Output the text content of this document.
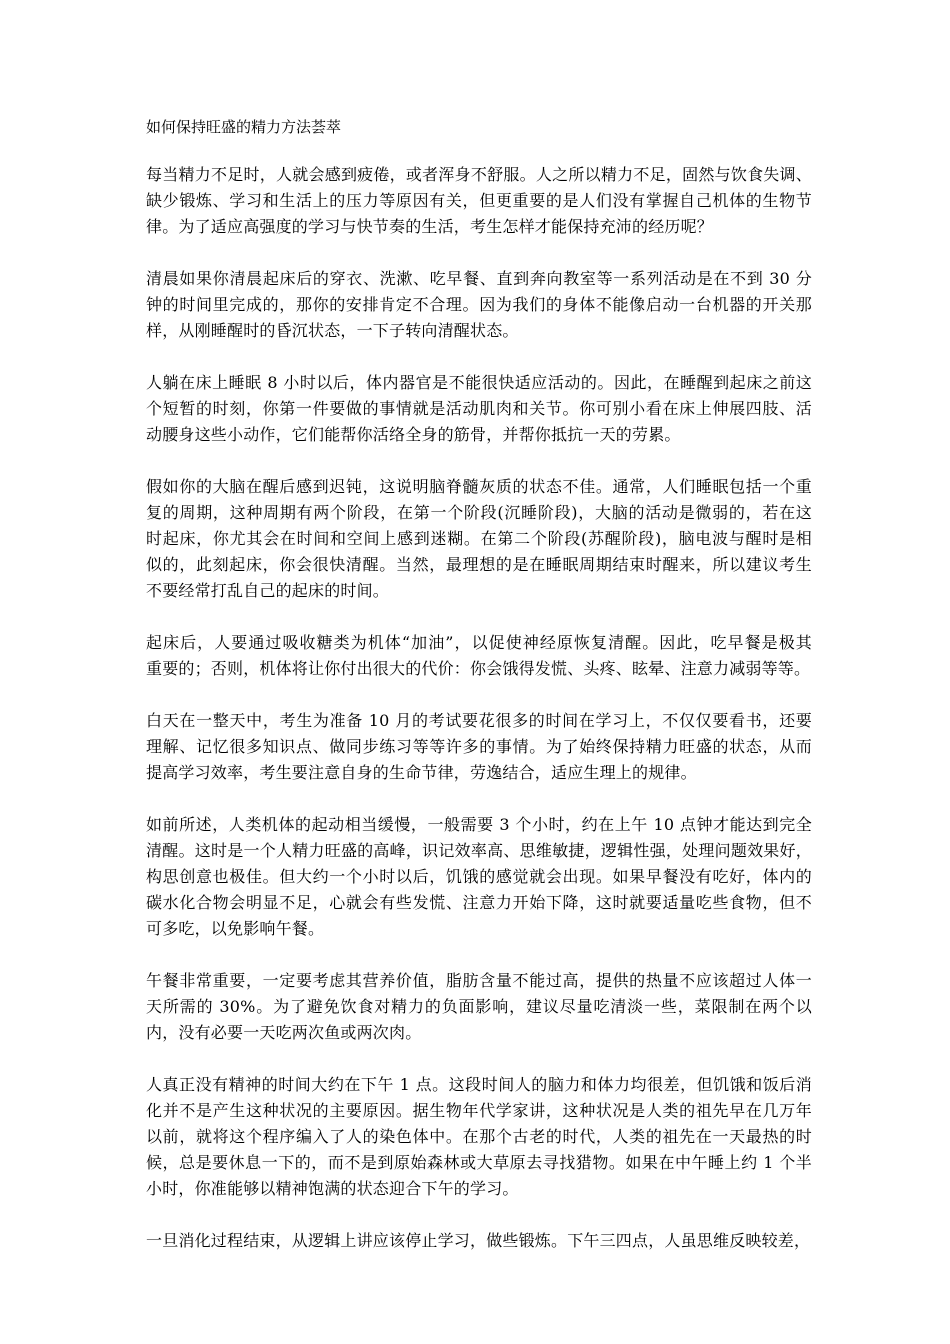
如何保持旺盛的精力方法荟萃
每当精力不足时，人就会感到疲倦，或者浑身不舒服。人之所以精力不足，固然与饮食失调、
缺少锻炼、学习和生活上的压力等原因有关，但更重要的是人们没有掌握自己机体的生物节
律。为了适应高强度的学习与快节奏的生活，考生怎样才能保持充沛的经历呢？
清晨如果你清晨起床后的穿衣、洗漱、吃早餐、直到奔向教室等一系列活动是在不到 30 分
钟的时间里完成的，那你的安排肯定不合理。因为我们的身体不能像启动一台机器的开关那
样，从刚睡醒时的昏沉状态，一下子转向清醒状态。
人躺在床上睡眠 8 小时以后，体内器官是不能很快适应活动的。因此，在睡醒到起床之前这
个短暂的时刻，你第一件要做的事情就是活动肌肉和关节。你可别小看在床上伸展四肢、活
动腰身这些小动作，它们能帮你活络全身的筋骨，并帮你抵抗一天的劳累。
假如你的大脑在醒后感到迟钝，这说明脑脊髓灰质的状态不佳。通常，人们睡眠包括一个重
复的周期，这种周期有两个阶段，在第一个阶段(沉睡阶段)，大脑的活动是微弱的，若在这
时起床，你尤其会在时间和空间上感到迷糊。在第二个阶段(苏醒阶段)，脑电波与醒时是相
似的，此刻起床，你会很快清醒。当然，最理想的是在睡眠周期结束时醒来，所以建议考生
不要经常打乱自己的起床的时间。
起床后，人要通过吸收糖类为机体“加油”，以促使神经原恢复清醒。因此，吃早餐是极其
重要的；否则，机体将让你付出很大的代价：你会饿得发慌、头疼、眩晕、注意力减弱等等。
白天在一整天中，考生为准备 10 月的考试要花很多的时间在学习上，不仅仅要看书，还要
理解、记忆很多知识点、做同步练习等等许多的事情。为了始终保持精力旺盛的状态，从而
提高学习效率，考生要注意自身的生命节律，劳逸结合，适应生理上的规律。
如前所述，人类机体的起动相当缓慢，一般需要 3 个小时，约在上午 10 点钟才能达到完全
清醒。这时是一个人精力旺盛的高峰，识记效率高、思维敏捷，逻辑性强，处理问题效果好，
构思创意也极佳。但大约一个小时以后，饥饿的感觉就会出现。如果早餐没有吃好，体内的
碳水化合物会明显不足，心就会有些发慌、注意力开始下降，这时就要适量吃些食物，但不
可多吃，以免影响午餐。
午餐非常重要，一定要考虑其营养价值，脂肪含量不能过高，提供的热量不应该超过人体一
天所需的 30%。为了避免饮食对精力的负面影响，建议尽量吃清淡一些，菜限制在两个以
内，没有必要一天吃两次鱼或两次肉。
人真正没有精神的时间大约在下午 1 点。这段时间人的脑力和体力均很差，但饥饿和饭后消
化并不是产生这种状况的主要原因。据生物年代学家讲，这种状况是人类的祖先早在几万年
以前，就将这个程序编入了人的染色体中。在那个古老的时代，人类的祖先在一天最热的时
候，总是要休息一下的，而不是到原始森林或大草原去寻找猎物。如果在中午睡上约 1 个半
小时，你准能够以精神饱满的状态迎合下午的学习。
一旦消化过程结束，从逻辑上讲应该停止学习，做些锻炼。下午三四点，人虽思维反映较差，
